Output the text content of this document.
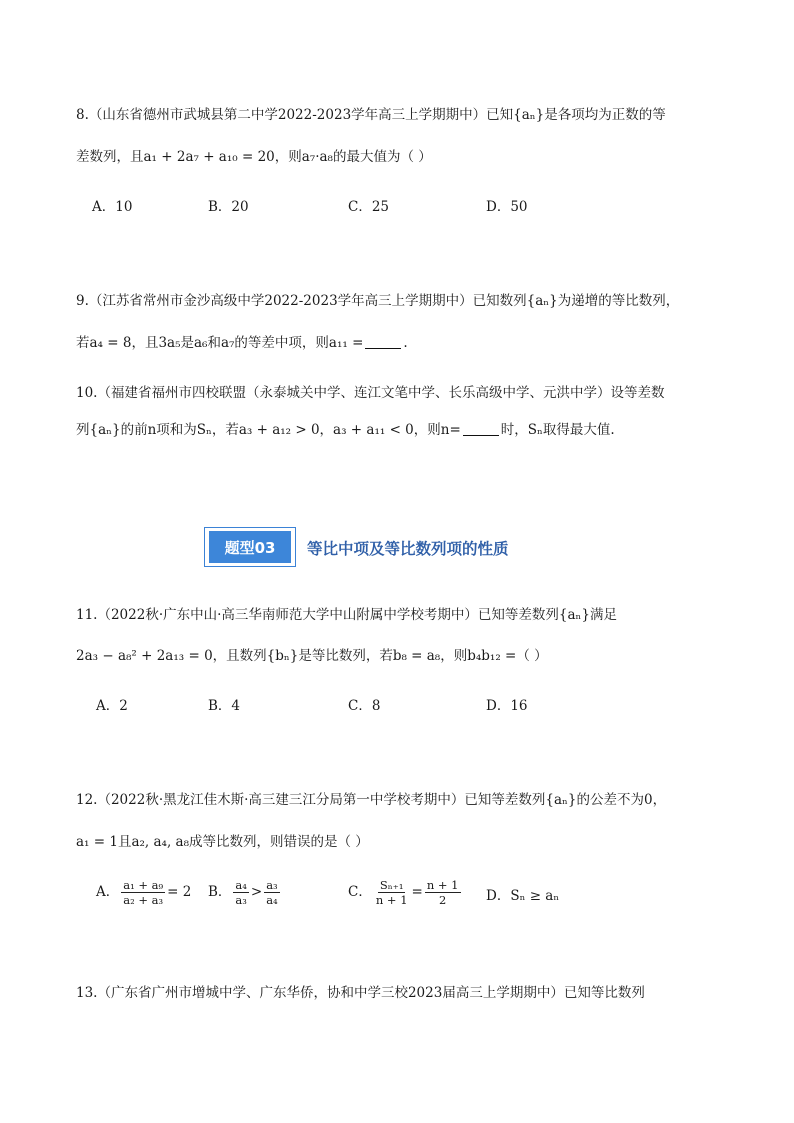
8.（山东省德州市武城县第二中学2022-2023学年高三上学期期中）已知{aₙ}是各项均为正数的等
差数列，且a₁ + 2a₇ + a₁₀ = 20，则a₇·a₈的最大值为（ ）
A．10	B．20	C．25	D．50
9.（江苏省常州市金沙高级中学2022-2023学年高三上学期期中）已知数列{aₙ}为递增的等比数列，
若a₄ = 8，且3a₅是a₆和a₇的等差中项，则a₁₁ =	.
10.（福建省福州市四校联盟（永泰城关中学、连江文笔中学、长乐高级中学、元洪中学）设等差数
列{aₙ}的前n项和为Sₙ，若a₃ + a₁₂ > 0，a₃ + a₁₁ < 0，则n=	时，Sₙ取得最大值.
题型03	等比中项及等比数列项的性质
11.（2022秋·广东中山·高三华南师范大学中山附属中学校考期中）已知等差数列{aₙ}满足
2a₃ − a₈² + 2a₁₃ = 0，且数列{bₙ}是等比数列，若b₈ = a₈，则b₄b₁₂ =（ ）
A．2	B．4	C．8	D．16
12.（2022秋·黑龙江佳木斯·高三建三江分局第一中学校考期中）已知等差数列{aₙ}的公差不为0，
a₁ = 1且a₂, a₄, a₈成等比数列，则错误的是（ ）
A． $\frac{\text{a₁ + a₉}}{\text{a₂ + a₃}} = 2$ B． $\frac{\text{a₄}}{\text{a₃}} > \frac{\text{a₃}}{\text{a₄}}$	C． $\frac{\text{Sₙ₊₁}}{n + 1} = \frac{n + 1}{2}$ D．Sₙ ≥ aₙ
13.（广东省广州市增城中学、广东华侨，协和中学三校2023届高三上学期期中）已知等比数列
